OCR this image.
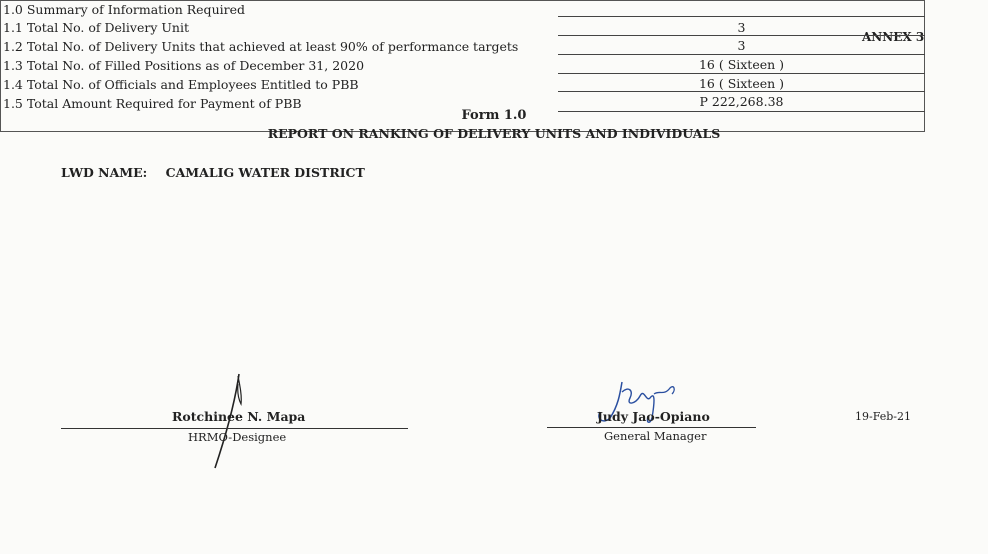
ANNEX 3
Form 1.0
REPORT ON RANKING OF DELIVERY UNITS AND INDIVIDUALS
LWD NAME: CAMALIG WATER DISTRICT
1.0 Summary of Information Required
1.1 Total No. of Delivery Unit	3
1.2 Total No. of Delivery Units that achieved at least 90% of performance targets	3
1.3 Total No. of Filled Positions as of December 31, 2020	16 ( Sixteen )
1.4 Total No. of Officials and Employees Entitled to PBB	16 ( Sixteen )
1.5 Total Amount Required for Payment of PBB	P 222,268.38
Rotchinee N. Mapa
HRMO-Designee
Judy Jao-Opiano
General Manager
19-Feb-21
